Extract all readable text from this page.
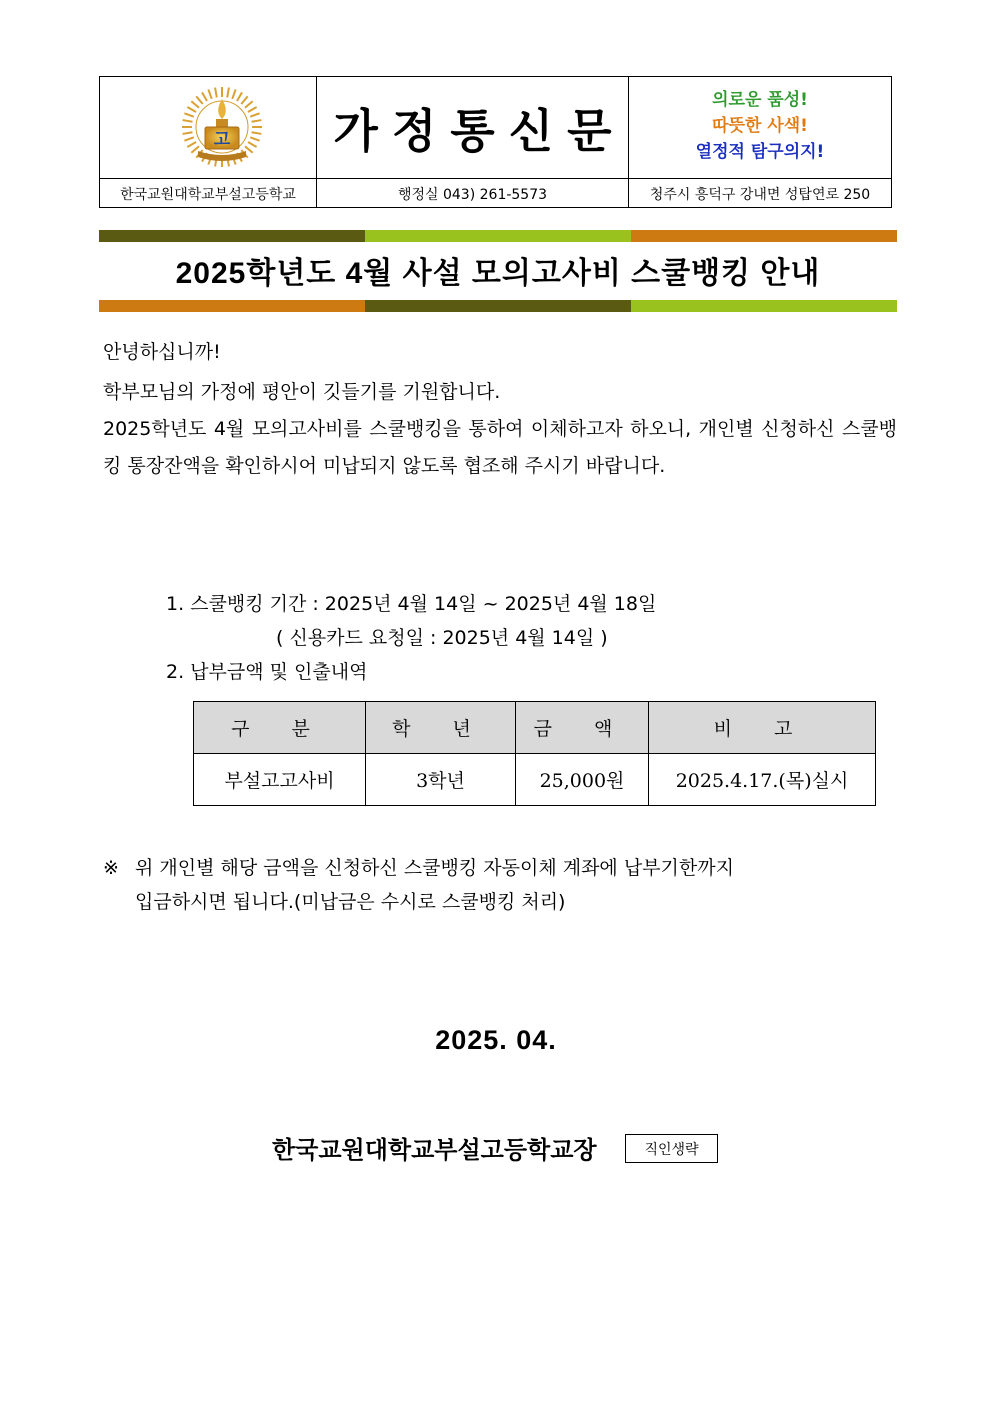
고	가정통신문
의로운 품성!
따뜻한 사색!
열정적 탐구의지!
한국교원대학교부설고등학교	행정실 043) 261-5573	청주시 흥덕구 강내면 성탑연로 250
2025학년도 4월 사설 모의고사비 스쿨뱅킹 안내
안녕하십니까!
학부모님의 가정에 평안이 깃들기를 기원합니다.
2025학년도 4월 모의고사비를 스쿨뱅킹을 통하여 이체하고자 하오니, 개인별 신청하신 스쿨뱅킹 통장잔액을 확인하시어 미납되지 않도록 협조해 주시기 바랍니다.
1. 스쿨뱅킹 기간 : 2025년 4월 14일 ~ 2025년 4월 18일
( 신용카드 요청일 : 2025년 4월 14일 )
2. 납부금액 및 인출내역
구 분	학 년	금 액	비 고
부설고고사비	3학년	25,000원	2025.4.17.(목)실시
※ 위 개인별 해당 금액을 신청하신 스쿨뱅킹 자동이체 계좌에 납부기한까지
입금하시면 됩니다.(미납금은 수시로 스쿨뱅킹 처리)
2025. 04.
한국교원대학교부설고등학교장	직인생략
